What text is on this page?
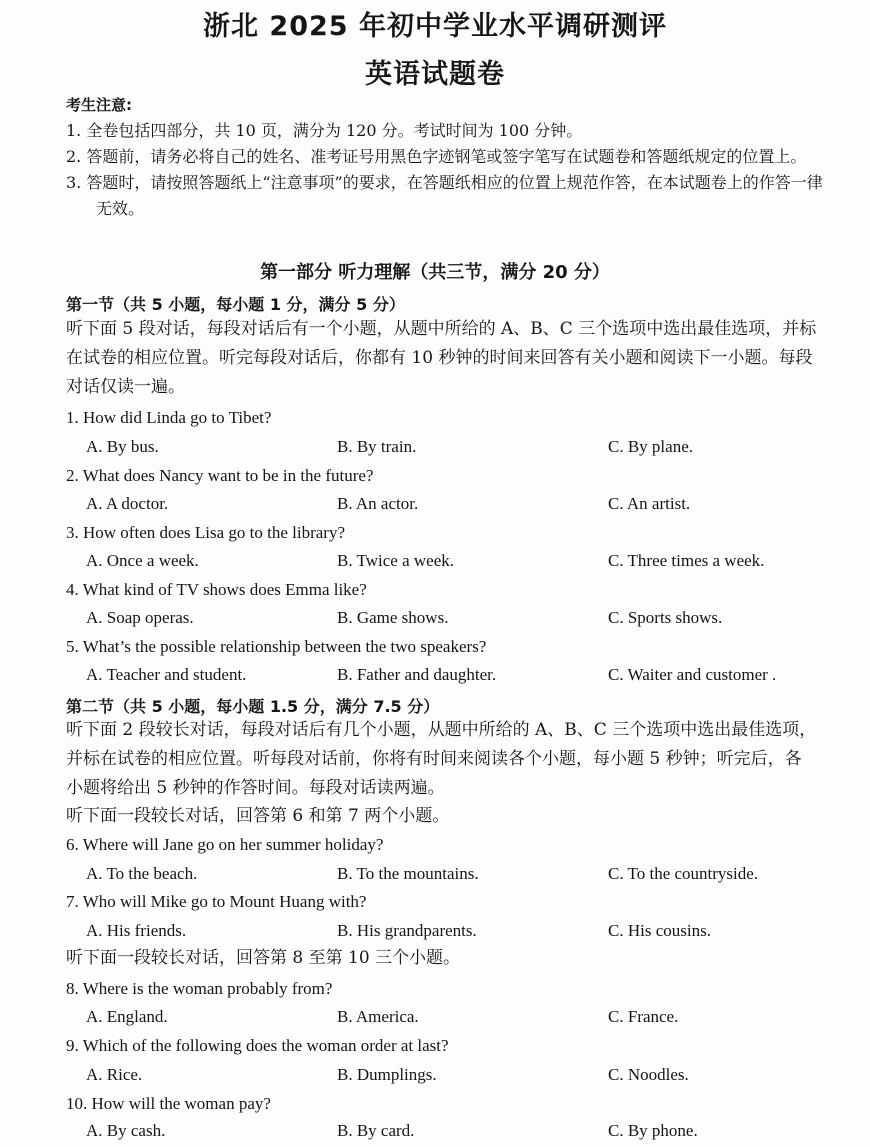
浙北 2025 年初中学业水平调研测评
英语试题卷
考生注意:
1. 全卷包括四部分，共 10 页，满分为 120 分。考试时间为 100 分钟。
2. 答题前，请务必将自己的姓名、准考证号用黑色字迹钢笔或签字笔写在试题卷和答题纸规定的位置上。
3. 答题时，请按照答题纸上“注意事项”的要求，在答题纸相应的位置上规范作答，在本试题卷上的作答一律无效。
第一部分 听力理解（共三节，满分 20 分）
第一节（共 5 小题，每小题 1 分，满分 5 分）
听下面 5 段对话，每段对话后有一个小题，从题中所给的 A、B、C 三个选项中选出最佳选项，并标在试卷的相应位置。听完每段对话后，你都有 10 秒钟的时间来回答有关小题和阅读下一小题。每段对话仅读一遍。
1. How did Linda go to Tibet?
A. By bus.	B. By train.	C. By plane.
2. What does Nancy want to be in the future?
A. A doctor.	B. An actor.	C. An artist.
3. How often does Lisa go to the library?
A. Once a week.	B. Twice a week.	C. Three times a week.
4. What kind of TV shows does Emma like?
A. Soap operas.	B. Game shows.	C. Sports shows.
5. What’s the possible relationship between the two speakers?
A. Teacher and student.	B. Father and daughter.	C. Waiter and customer .
第二节（共 5 小题，每小题 1.5 分，满分 7.5 分）
听下面 2 段较长对话，每段对话后有几个小题，从题中所给的 A、B、C 三个选项中选出最佳选项，并标在试卷的相应位置。听每段对话前，你将有时间来阅读各个小题，每小题 5 秒钟；听完后，各小题将给出 5 秒钟的作答时间。每段对话读两遍。
听下面一段较长对话，回答第 6 和第 7 两个小题。
6. Where will Jane go on her summer holiday?
A. To the beach.	B. To the mountains.	C. To the countryside.
7. Who will Mike go to Mount Huang with?
A. His friends.	B. His grandparents.	C. His cousins.
听下面一段较长对话，回答第 8 至第 10 三个小题。
8. Where is the woman probably from?
A. England.	B. America.	C. France.
9. Which of the following does the woman order at last?
A. Rice.	B. Dumplings.	C. Noodles.
10. How will the woman pay?
A. By cash.	B. By card.	C. By phone.
